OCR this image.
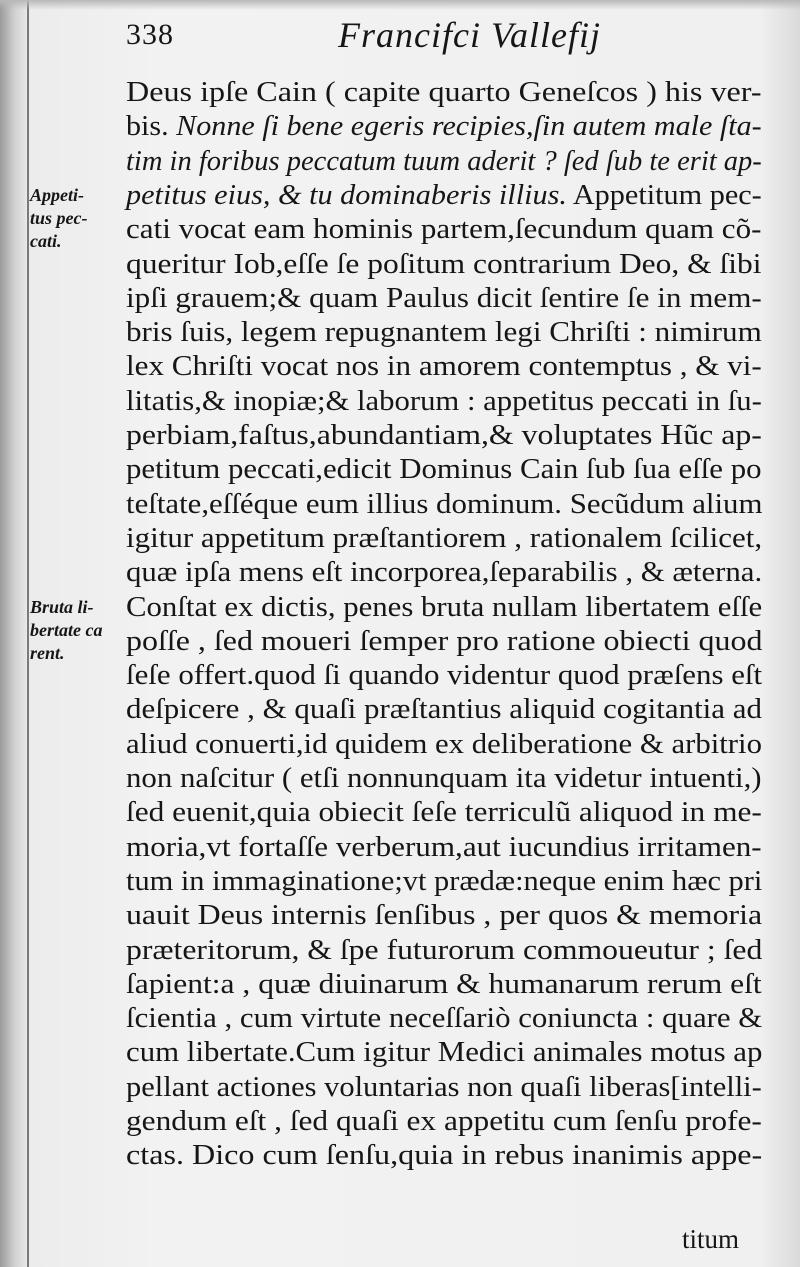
338	Francifci Vallefij
Deus ipſe Cain ( capite quarto Geneſcos ) his ver-
bis. Nonne ſi bene egeris recipies,ſin autem male ſta-
tim in foribus peccatum tuum aderit ? ſed ſub te erit ap-
petitus eius, & tu dominaberis illius. Appetitum pec-
cati vocat eam hominis partem,ſecundum quam cõ-
queritur Iob,eſſe ſe poſitum contrarium Deo, & ſibi
ipſi grauem;& quam Paulus dicit ſentire ſe in mem-
bris ſuis, legem repugnantem legi Chriſti : nimirum
lex Chriſti vocat nos in amorem contemptus , & vi-
litatis,& inopiæ;& laborum : appetitus peccati in ſu-
perbiam,faſtus,abundantiam,& voluptates Hũc ap-
petitum peccati,edicit Dominus Cain ſub ſua eſſe po
teſtate,eſſéque eum illius dominum. Secũdum alium
igitur appetitum præſtantiorem , rationalem ſcilicet,
quæ ipſa mens eſt incorporea,ſeparabilis , & æterna.
Conſtat ex dictis, penes bruta nullam libertatem eſſe
poſſe , ſed moueri ſemper pro ratione obiecti quod
ſeſe offert.quod ſi quando videntur quod præſens eſt
deſpicere , & quaſi præſtantius aliquid cogitantia ad
aliud conuerti,id quidem ex deliberatione & arbitrio
non naſcitur ( etſi nonnunquam ita videtur intuenti,)
ſed euenit,quia obiecit ſeſe terriculũ aliquod in me-
moria,vt fortaſſe verberum,aut iucundius irritamen-
tum in immaginatione;vt prædæ:neque enim hæc pri
uauit Deus internis ſenſibus , per quos & memoria
præteritorum, & ſpe futurorum commoueutur ; ſed
ſapient:a , quæ diuinarum & humanarum rerum eſt
ſcientia , cum virtute neceſſariò coniuncta : quare &
cum libertate.Cum igitur Medici animales motus ap
pellant actiones voluntarias non quaſi liberas[intelli-
gendum eſt , ſed quaſi ex appetitu cum ſenſu profe-
ctas. Dico cum ſenſu,quia in rebus inanimis appe-
Appeti-
tus pec-
cati.
Bruta li-
bertate ca
rent.
titum
